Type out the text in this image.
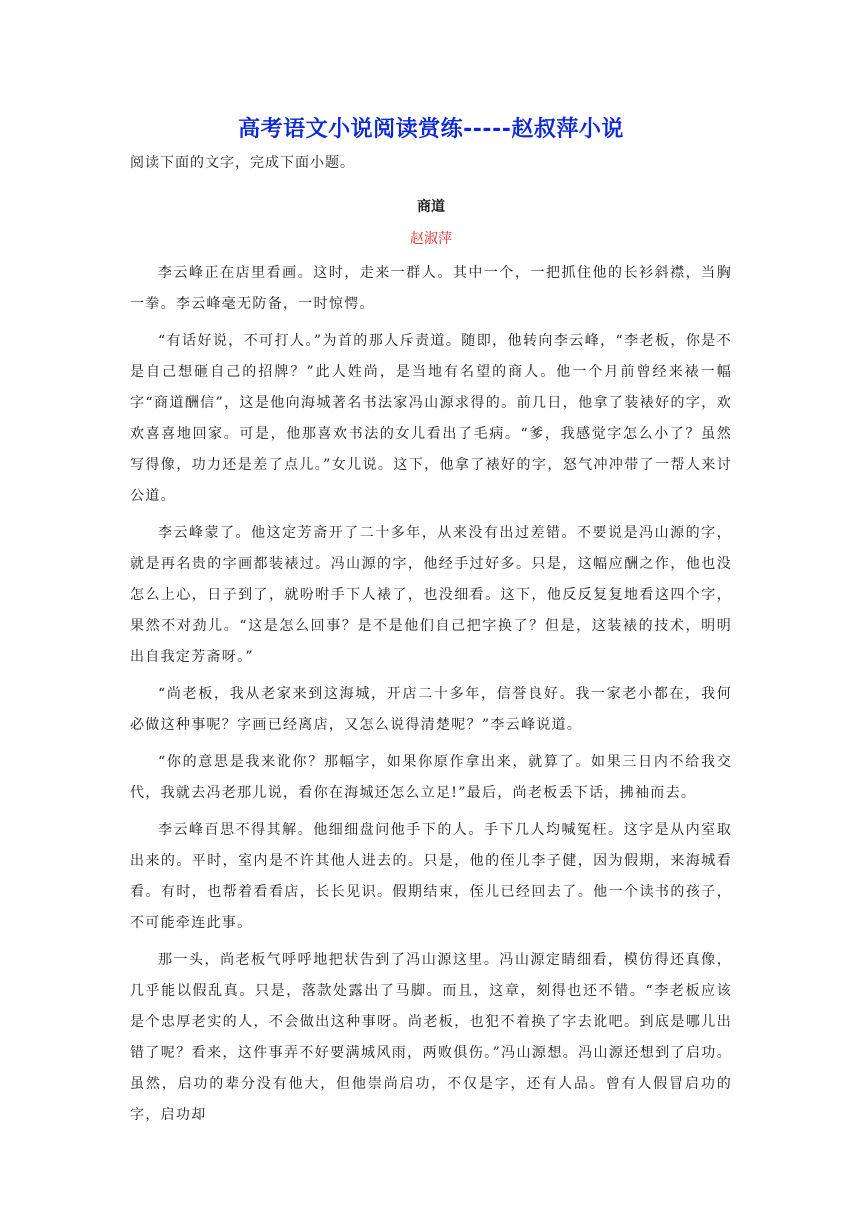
高考语文小说阅读赏练-----赵叔萍小说
阅读下面的文字，完成下面小题。
商道
赵淑萍

李云峰正在店里看画。这时，走来一群人。其中一个，一把抓住他的长衫斜襟，当胸一拳。李云峰毫无防备，一时惊愕。

“有话好说，不可打人。”为首的那人斥责道。随即，他转向李云峰，“李老板，你是不是自己想砸自己的招牌？”此人姓尚，是当地有名望的商人。他一个月前曾经来裱一幅字“商道酬信”，这是他向海城著名书法家冯山源求得的。前几日，他拿了装裱好的字，欢欢喜喜地回家。可是，他那喜欢书法的女儿看出了毛病。“爹，我感觉字怎么小了？虽然写得像，功力还是差了点儿。”女儿说。这下，他拿了裱好的字，怒气冲冲带了一帮人来讨公道。

李云峰蒙了。他这定芳斋开了二十多年，从来没有出过差错。不要说是冯山源的字，就是再名贵的字画都装裱过。冯山源的字，他经手过好多。只是，这幅应酬之作，他也没怎么上心，日子到了，就吩咐手下人裱了，也没细看。这下，他反反复复地看这四个字，果然不对劲儿。“这是怎么回事？是不是他们自己把字换了？但是，这装裱的技术，明明出自我定芳斋呀。”

“尚老板，我从老家来到这海城，开店二十多年，信誉良好。我一家老小都在，我何必做这种事呢？字画已经离店，又怎么说得清楚呢？”李云峰说道。

“你的意思是我来讹你？那幅字，如果你原作拿出来，就算了。如果三日内不给我交代，我就去冯老那儿说，看你在海城还怎么立足!”最后，尚老板丢下话，拂袖而去。

李云峰百思不得其解。他细细盘问他手下的人。手下几人均喊冤枉。这字是从内室取出来的。平时，室内是不许其他人进去的。只是，他的侄儿李子健，因为假期，来海城看看。有时，也帮着看看店，长长见识。假期结束，侄儿已经回去了。他一个读书的孩子，不可能牵连此事。

那一头，尚老板气呼呼地把状告到了冯山源这里。冯山源定睛细看，模仿得还真像，几乎能以假乱真。只是，落款处露出了马脚。而且，这章，刻得也还不错。“李老板应该是个忠厚老实的人，不会做出这种事呀。尚老板，也犯不着换了字去讹吧。到底是哪儿出错了呢？看来，这件事弄不好要满城风雨，两败俱伤。”冯山源想。冯山源还想到了启功。虽然，启功的辈分没有他大，但他崇尚启功，不仅是字，还有人品。曾有人假冒启功的字，启功却
